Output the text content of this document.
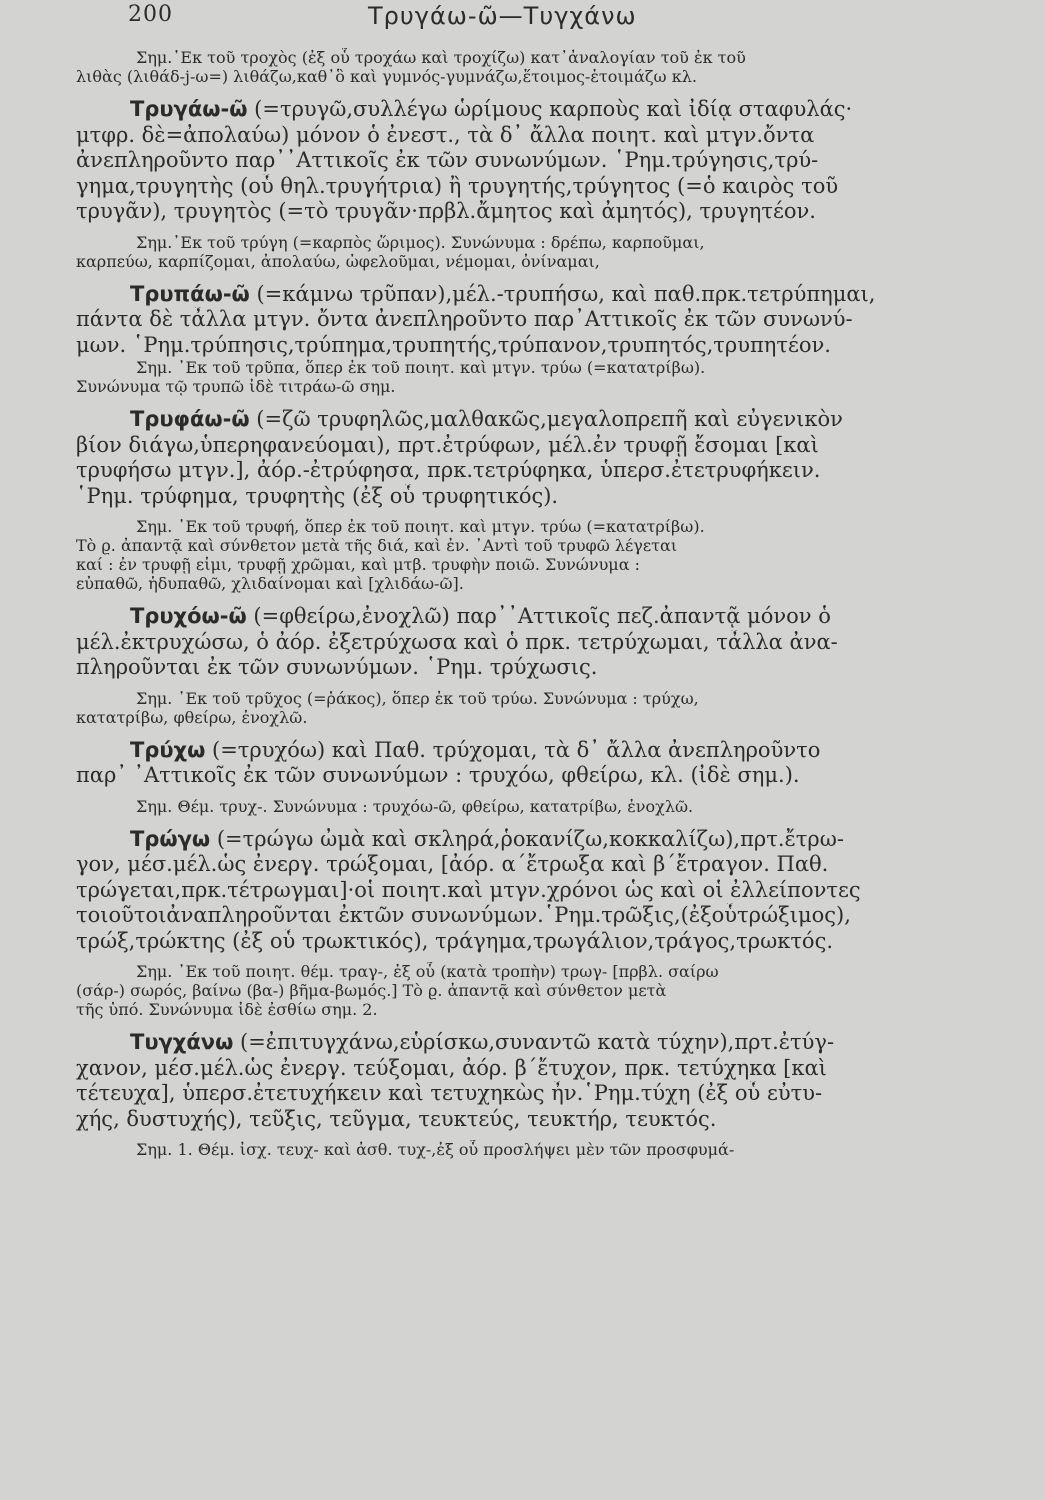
200	Τρυγάω-ῶ—Τυγχάνω
Σημ.᾿Εκ τοῦ τροχὸς (ἐξ οὗ τροχάω καὶ τροχίζω) κατ᾿ἀναλογίαν τοῦ ἐκ τοῦ
λιθὰς (λιθάδ-j-ω=) λιθάζω,καθ᾿ὃ καὶ γυμνός-γυμνάζω,ἕτοιμος-ἑτοιμάζω κλ.
Τρυγάω-ῶ (=τρυγῶ,συλλέγω ὡρίμους καρποὺς καὶ ἰδίᾳ σταφυλάς·
μτφρ. δὲ=ἀπολαύω) μόνον ὁ ἐνεστ., τὰ δ᾿ ἄλλα ποιητ. καὶ μτγν.ὄντα
ἀνεπληροῦντο παρ᾿᾿Αττικοῖς ἐκ τῶν συνωνύμων. ῾Ρημ.τρύγησις,τρύ-
γημα,τρυγητὴς (οὗ θηλ.τρυγήτρια) ἢ τρυγητής,τρύγητος (=ὁ καιρὸς τοῦ
τρυγᾶν), τρυγητὸς (=τὸ τρυγᾶν·πρβλ.ἄμητος καὶ ἀμητός), τρυγητέον.
Σημ.᾿Εκ τοῦ τρύγη (=καρπὸς ὥριμος). Συνώνυμα : δρέπω, καρποῦμαι,
καρπεύω, καρπίζομαι, ἀπολαύω, ὠφελοῦμαι, νέμομαι, ὀνίναμαι,
Τρυπάω-ῶ (=κάμνω τρῦπαν),μέλ.-τρυπήσω, καὶ παθ.πρκ.τετρύπημαι,
πάντα δὲ τἆλλα μτγν. ὄντα ἀνεπληροῦντο παρ᾿Αττικοῖς ἐκ τῶν συνωνύ-
μων. ῾Ρημ.τρύπησις,τρύπημα,τρυπητής,τρύπανον,τρυπητός,τρυπητέον.
Σημ. ᾿Εκ τοῦ τρῦπα, ὅπερ ἐκ τοῦ ποιητ. καὶ μτγν. τρύω (=κατατρίβω).
Συνώνυμα τῷ τρυπῶ ἰδὲ τιτράω-ῶ σημ.
Τρυφάω-ῶ (=ζῶ τρυφηλῶς,μαλθακῶς,μεγαλοπρεπῆ καὶ εὐγενικὸν
βίον διάγω,ὑπερηφανεύομαι), πρτ.ἐτρύφων, μέλ.ἐν τρυφῇ ἔσομαι [καὶ
τρυφήσω μτγν.], ἀόρ.-ἐτρύφησα, πρκ.τετρύφηκα, ὑπερσ.ἐτετρυφήκειν.
῾Ρημ. τρύφημα, τρυφητὴς (ἐξ οὗ τρυφητικός).
Σημ. ᾿Εκ τοῦ τρυφή, ὅπερ ἐκ τοῦ ποιητ. καὶ μτγν. τρύω (=κατατρίβω).
Τὸ ϱ. ἀπαντᾷ καὶ σύνθετον μετὰ τῆς διά, καὶ ἐν. ᾿Αντὶ τοῦ τρυφῶ λέγεται
καί : ἐν τρυφῇ εἰμι, τρυφῇ χρῶμαι, καὶ μτβ. τρυφὴν ποιῶ. Συνώνυμα :
εὐπαθῶ, ἡδυπαθῶ, χλιδαίνομαι καὶ [χλιδάω-ῶ].
Τρυχόω-ῶ (=φθείρω,ἐνοχλῶ) παρ᾿᾿Αττικοῖς πεζ.ἀπαντᾷ μόνον ὁ
μέλ.ἐκτρυχώσω, ὁ ἀόρ. ἐξετρύχωσα καὶ ὁ πρκ. τετρύχωμαι, τἆλλα ἀνα-
πληροῦνται ἐκ τῶν συνωνύμων. ῾Ρημ. τρύχωσις.
Σημ. ᾿Εκ τοῦ τρῦχος (=ῥάκος), ὅπερ ἐκ τοῦ τρύω. Συνώνυμα : τρύχω,
κατατρίβω, φθείρω, ἐνοχλῶ.
Τρύχω (=τρυχόω) καὶ Παθ. τρύχομαι, τὰ δ᾿ ἄλλα ἀνεπληροῦντο
παρ᾿ ᾿Αττικοῖς ἐκ τῶν συνωνύμων : τρυχόω, φθείρω, κλ. (ἰδὲ σημ.).
Σημ. Θέμ. τρυχ-. Συνώνυμα : τρυχόω-ῶ, φθείρω, κατατρίβω, ἐνοχλῶ.
Τρώγω (=τρώγω ὠμὰ καὶ σκληρά,ῥοκανίζω,κοκκαλίζω),πρτ.ἔτρω-
γον, μέσ.μέλ.ὡς ἐνεργ. τρώξομαι, [ἀόρ. α΄ἔτρωξα καὶ β΄ἔτραγον. Παθ.
τρώγεται,πρκ.τέτρωγμαι]·οἱ ποιητ.καὶ μτγν.χρόνοι ὡς καὶ οἱ ἐλλείποντες
τοιοῦτοιἀναπληροῦνται ἐκτῶν συνωνύμων.῾Ρημ.τρῶξις,(ἐξοὗτρώξιμος),
τρώξ,τρώκτης (ἐξ οὗ τρωκτικός), τράγημα,τρωγάλιον,τράγος,τρωκτός.
Σημ. ᾿Εκ τοῦ ποιητ. θέμ. τραγ-, ἐξ οὗ (κατὰ τροπὴν) τρωγ- [πρβλ. σαίρω
(σάρ-) σωρός, βαίνω (βα-) βῆμα-βωμός.] Τὸ ϱ. ἀπαντᾷ καὶ σύνθετον μετὰ
τῆς ὑπό. Συνώνυμα ἰδὲ ἐσθίω σημ. 2.
Τυγχάνω (=ἐπιτυγχάνω,εὑρίσκω,συναντῶ κατὰ τύχην),πρτ.ἐτύγ-
χανον, μέσ.μέλ.ὡς ἐνεργ. τεύξομαι, ἀόρ. β΄ἔτυχον, πρκ. τετύχηκα [καὶ
τέτευχα], ὑπερσ.ἐτετυχήκειν καὶ τετυχηκὼς ἦν.῾Ρημ.τύχη (ἐξ οὗ εὐτυ-
χής, δυστυχής), τεῦξις, τεῦγμα, τευκτεύς, τευκτήρ, τευκτός.
Σημ. 1. Θέμ. ἰσχ. τευχ- καὶ ἀσθ. τυχ-,ἐξ οὗ προσλήψει μὲν τῶν προσφυμά-
